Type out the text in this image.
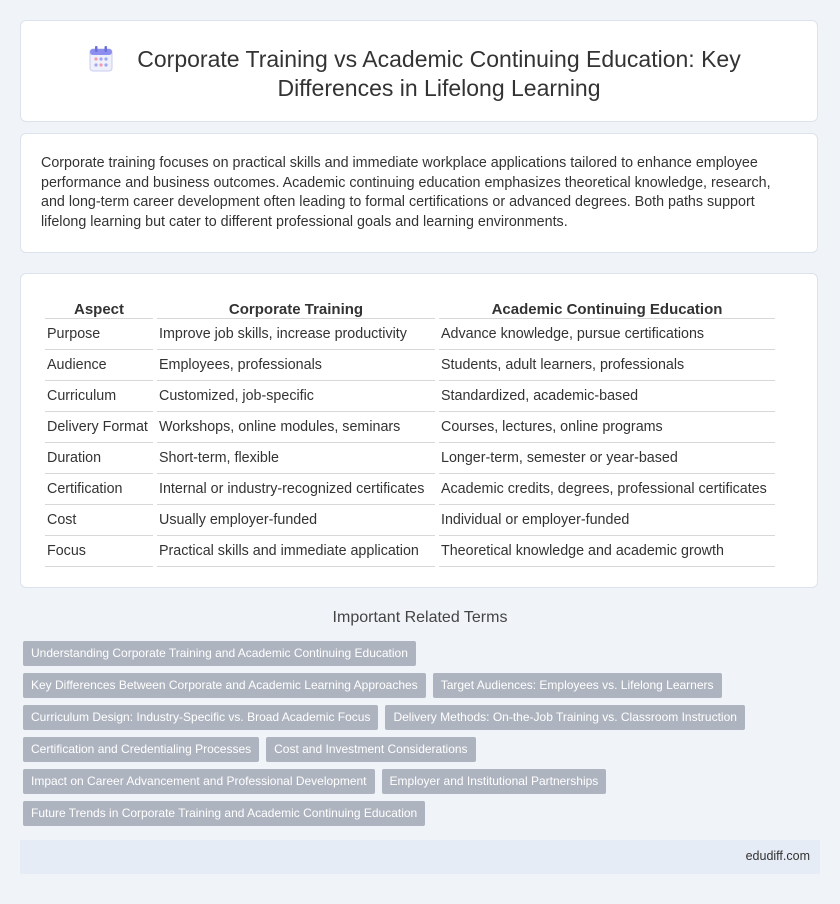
Corporate Training vs Academic Continuing Education: Key Differences in Lifelong Learning

Corporate training focuses on practical skills and immediate workplace applications tailored to enhance employee performance and business outcomes. Academic continuing education emphasizes theoretical knowledge, research, and long-term career development often leading to formal certifications or advanced degrees. Both paths support lifelong learning but cater to different professional goals and learning environments.

Aspect	Corporate Training	Academic Continuing Education
Purpose	Improve job skills, increase productivity	Advance knowledge, pursue certifications
Audience	Employees, professionals	Students, adult learners, professionals
Curriculum	Customized, job-specific	Standardized, academic-based
Delivery Format	Workshops, online modules, seminars	Courses, lectures, online programs
Duration	Short-term, flexible	Longer-term, semester or year-based
Certification	Internal or industry-recognized certificates	Academic credits, degrees, professional certificates
Cost	Usually employer-funded	Individual or employer-funded
Focus	Practical skills and immediate application	Theoretical knowledge and academic growth
Important Related Terms
Understanding Corporate Training and Academic Continuing Education
Key Differences Between Corporate and Academic Learning Approaches	Target Audiences: Employees vs. Lifelong Learners
Curriculum Design: Industry-Specific vs. Broad Academic Focus	Delivery Methods: On-the-Job Training vs. Classroom Instruction
Certification and Credentialing Processes	Cost and Investment Considerations
Impact on Career Advancement and Professional Development	Employer and Institutional Partnerships
Future Trends in Corporate Training and Academic Continuing Education
edudiff.com
